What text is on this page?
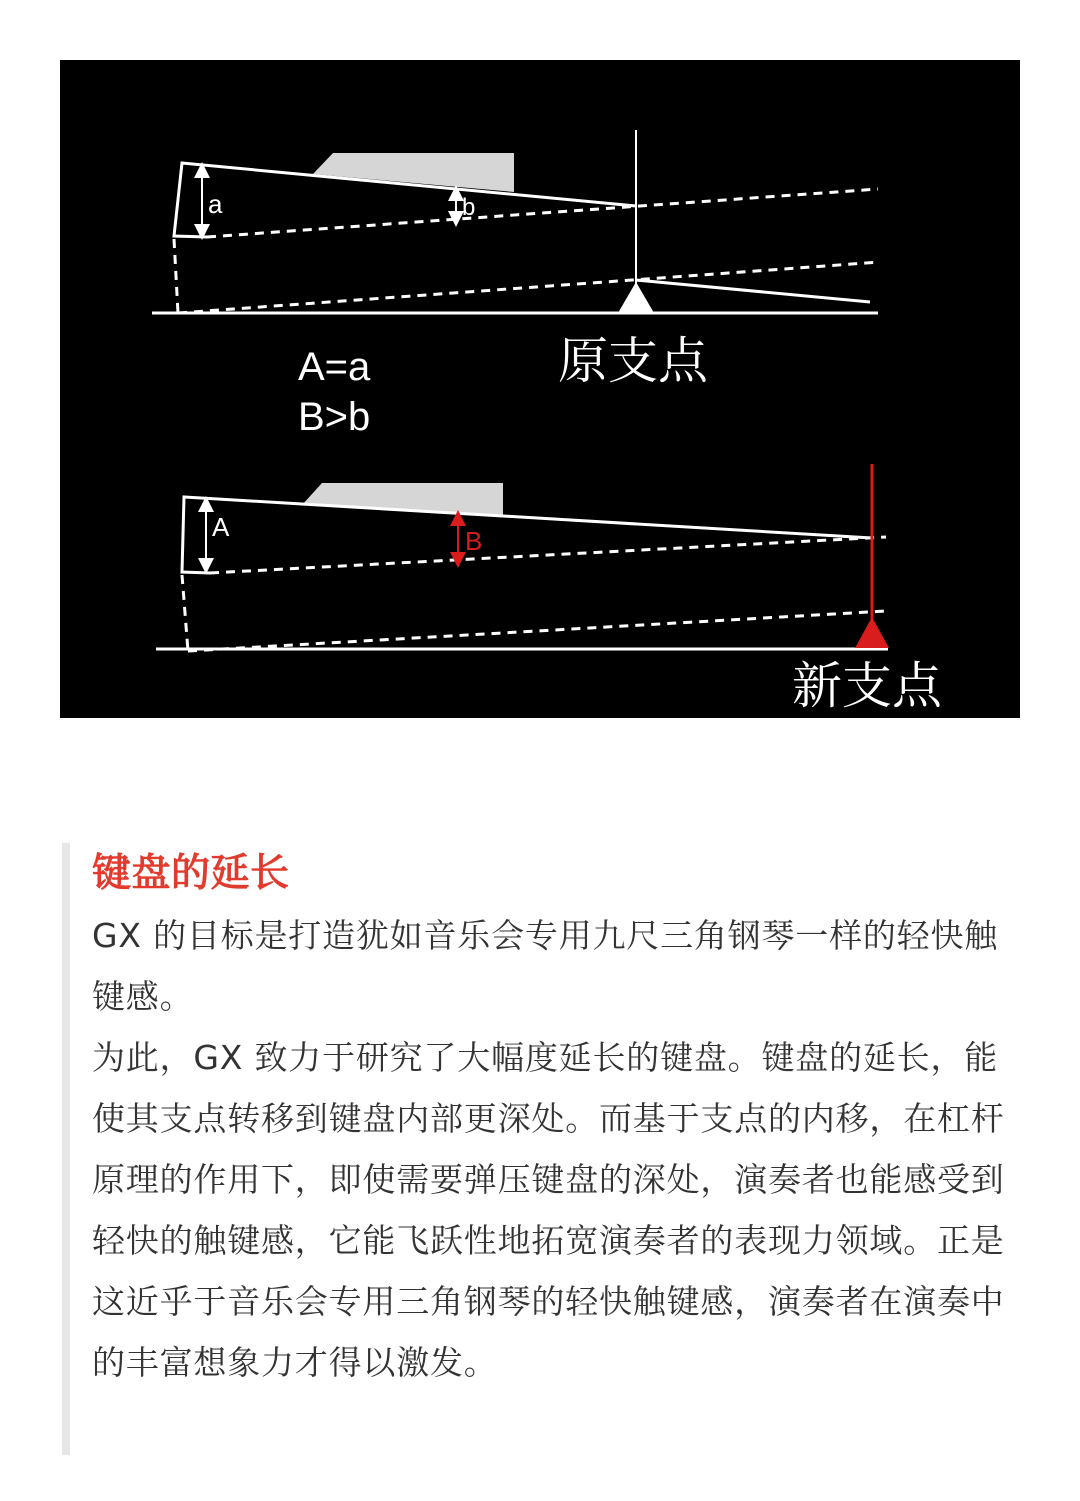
a	b
原支点
A=a
B>b
A	B
新支点
键盘的延长

GX 的目标是打造犹如音乐会专用九尺三角钢琴一样的轻快触键感。

为此，GX 致力于研究了大幅度延长的键盘。键盘的延长，能使其支点转移到键盘内部更深处。而基于支点的内移，在杠杆原理的作用下，即使需要弹压键盘的深处，演奏者也能感受到轻快的触键感，它能飞跃性地拓宽演奏者的表现力领域。正是这近乎于音乐会专用三角钢琴的轻快触键感，演奏者在演奏中的丰富想象力才得以激发。
